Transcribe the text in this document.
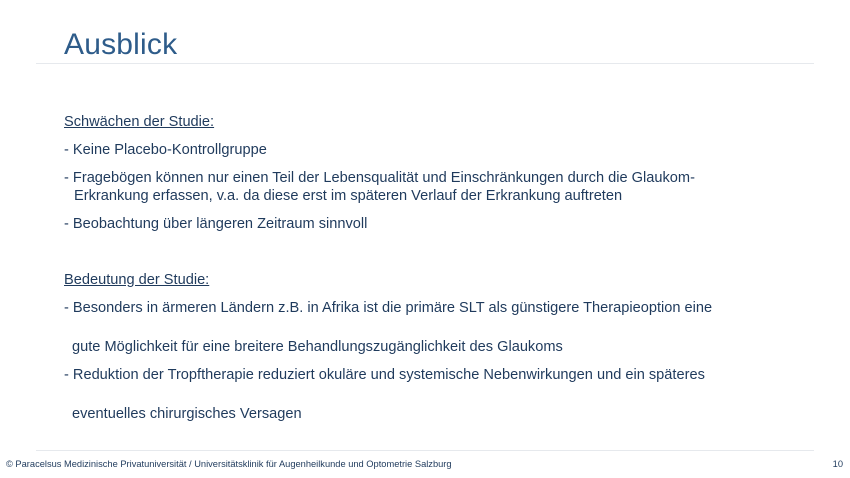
Ausblick
Schwächen der Studie:
- Keine Placebo-Kontrollgruppe
- Fragebögen können nur einen Teil der Lebensqualität und Einschränkungen durch die Glaukom-
Erkrankung erfassen, v.a. da diese erst im späteren Verlauf der Erkrankung auftreten
- Beobachtung über längeren Zeitraum sinnvoll
Bedeutung der Studie:
- Besonders in ärmeren Ländern z.B. in Afrika ist die primäre SLT als günstigere Therapieoption eine
gute Möglichkeit für eine breitere Behandlungszugänglichkeit des Glaukoms
- Reduktion der Tropftherapie reduziert okuläre und systemische Nebenwirkungen und ein späteres
eventuelles chirurgisches Versagen
© Paracelsus Medizinische Privatuniversität / Universitätsklinik für Augenheilkunde und Optometrie Salzburg	10
